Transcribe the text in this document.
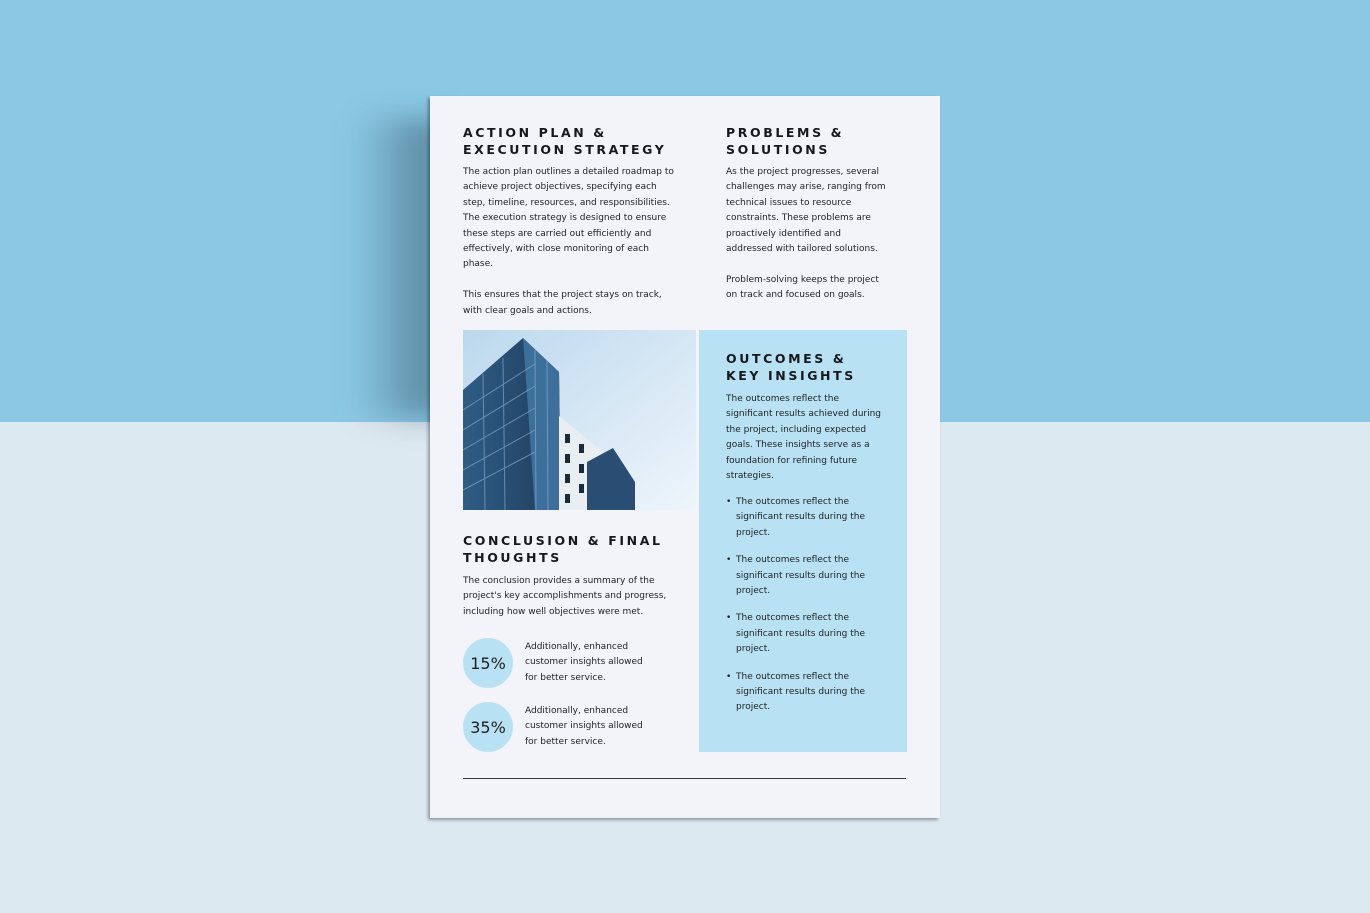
ACTION PLAN &
EXECUTION STRATEGY
The action plan outlines a detailed roadmap to achieve project objectives, specifying each step, timeline, resources, and responsibilities. The execution strategy is designed to ensure these steps are carried out efficiently and effectively, with close monitoring of each phase.
This ensures that the project stays on track, with clear goals and actions.
PROBLEMS &
SOLUTIONS
As the project progresses, several challenges may arise, ranging from technical issues to resource constraints. These problems are proactively identified and addressed with tailored solutions.
Problem-solving keeps the project on track and focused on goals.
OUTCOMES &
KEY INSIGHTS
The outcomes reflect the significant results achieved during the project, including expected goals. These insights serve as a foundation for refining future strategies.
• The outcomes reflect the significant results during the project.
• The outcomes reflect the significant results during the project.
• The outcomes reflect the significant results during the project.
• The outcomes reflect the significant results during the project.
CONCLUSION & FINAL
THOUGHTS
The conclusion provides a summary of the project's key accomplishments and progress, including how well objectives were met.
15%
Additionally, enhanced customer insights allowed for better service.
35%
Additionally, enhanced customer insights allowed for better service.
